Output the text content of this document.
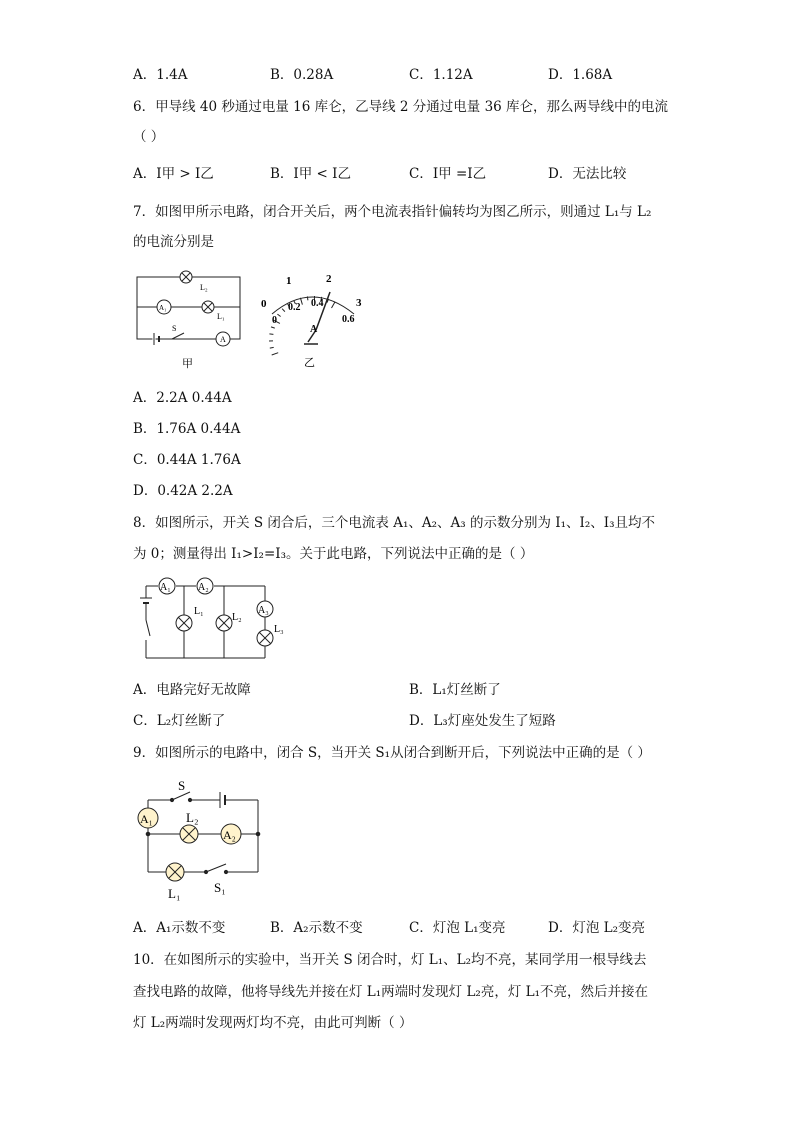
A．1.4A	B．0.28A	C．1.12A	D．1.68A
6．甲导线 40 秒通过电量 16 库仑，乙导线 2 分通过电量 36 库仑，那么两导线中的电流
（ ）
A．I甲 > I乙	B．I甲 < I乙	C．I甲 =I乙	D．无法比较
7．如图甲所示电路，闭合开关后，两个电流表指针偏转均为图乙所示，则通过 L₁与 L₂
的电流分别是
L₂
L₁
A₁
A
S
甲
0
1	2
3
0
0.2 0.4
0.6
A
乙
A．2.2A 0.44A
B．1.76A 0.44A
C．0.44A 1.76A
D．0.42A 2.2A
8．如图所示，开关 S 闭合后，三个电流表 A₁、A₂、A₃ 的示数分别为 I₁、I₂、I₃且均不
为 0；测量得出 I₁>I₂=I₃。关于此电路，下列说法中正确的是（ ）
A₁	A₂
A₃
L₁
L₂
L₃
A．电路完好无故障	B．L₁灯丝断了
C．L₂灯丝断了	D．L₃灯座处发生了短路
9．如图所示的电路中，闭合 S，当开关 S₁从闭合到断开后，下列说法中正确的是（ ）
S
L₂
A₁
A₂
L₁	S₁
A．A₁示数不变	B．A₂示数不变	C．灯泡 L₁变亮	D．灯泡 L₂变亮
10．在如图所示的实验中，当开关 S 闭合时，灯 L₁、L₂均不亮，某同学用一根导线去
查找电路的故障，他将导线先并接在灯 L₁两端时发现灯 L₂亮，灯 L₁不亮，然后并接在
灯 L₂两端时发现两灯均不亮，由此可判断（ ）
